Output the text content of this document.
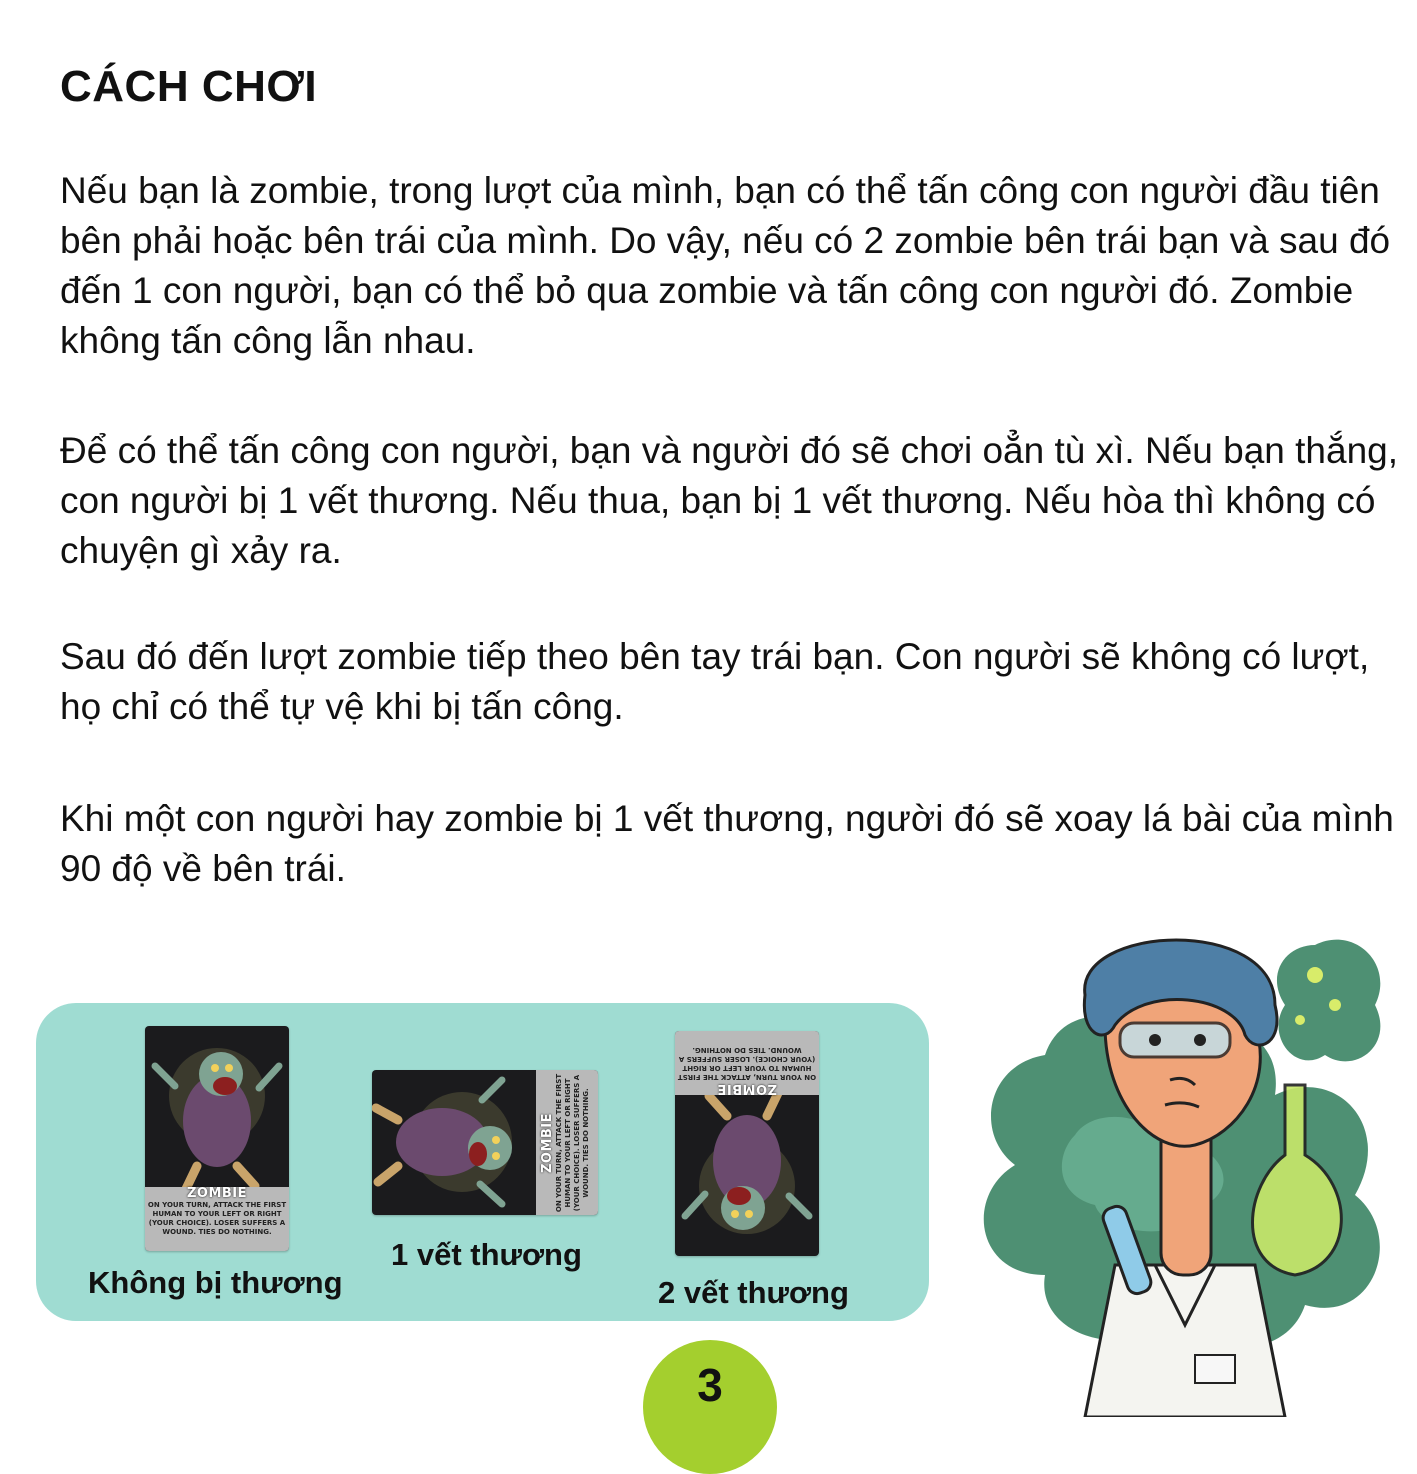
CÁCH CHƠI

Nếu bạn là zombie, trong lượt của mình, bạn có thể tấn công con người đầu tiên bên phải hoặc bên trái của mình. Do vậy, nếu có 2 zombie bên trái bạn và sau đó đến 1 con người, bạn có thể bỏ qua zombie và tấn công con người đó. Zombie không tấn công lẫn nhau.

Để có thể tấn công con người, bạn và người đó sẽ chơi oẳn tù xì. Nếu bạn thắng, con người bị 1 vết thương. Nếu thua, bạn bị 1 vết thương. Nếu hòa thì không có chuyện gì xảy ra.

Sau đó đến lượt zombie tiếp theo bên tay trái bạn. Con người sẽ không có lượt, họ chỉ có thể tự vệ khi bị tấn công.

Khi một con người hay zombie bị 1 vết thương, người đó sẽ xoay lá bài của mình 90 độ về bên trái.

ZOMBIE
ON YOUR TURN, ATTACK THE FIRST HUMAN TO YOUR LEFT OR RIGHT (YOUR CHOICE). LOSER SUFFERS A WOUND. TIES DO NOTHING.

Không bị thương

ZOMBIE ON YOUR TURN, ATTACK THE FIRST HUMAN TO YOUR LEFT OR RIGHT (YOUR CHOICE). LOSER SUFFERS A WOUND. TIES DO NOTHING.

1 vết thương

ZOMBIE
ON YOUR TURN, ATTACK THE FIRST HUMAN TO YOUR LEFT OR RIGHT (YOUR CHOICE). LOSER SUFFERS A WOUND. TIES DO NOTHING.

2 vết thương

3
